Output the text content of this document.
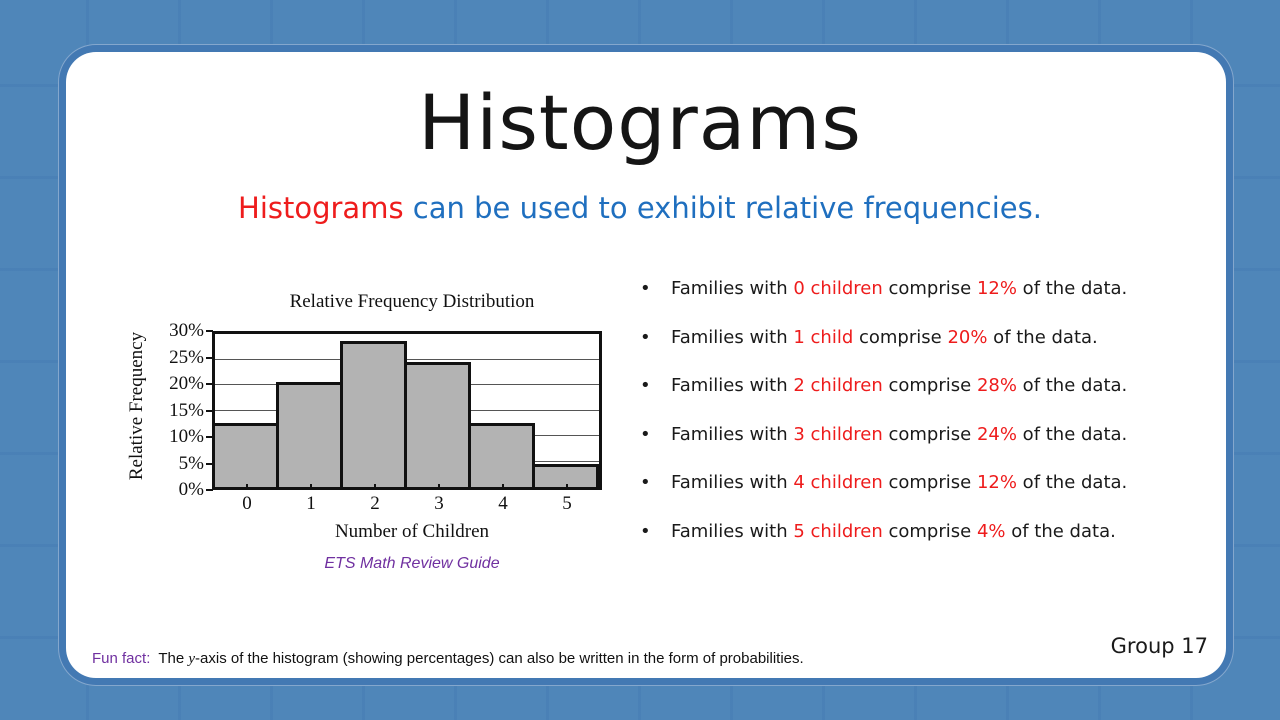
Histograms
Histograms can be used to exhibit relative frequencies.
Relative Frequency Distribution
Relative Frequency
0%
5%
10%
15%
20%
25%
30%
0	1	2	3	4	5
Number of Children
ETS Math Review Guide
• Families with 0 children comprise 12% of the data.
• Families with 1 child comprise 20% of the data.
• Families with 2 children comprise 28% of the data.
• Families with 3 children comprise 24% of the data.
• Families with 4 children comprise 12% of the data.
• Families with 5 children comprise 4% of the data.
Fun fact: The y-axis of the histogram (showing percentages) can also be written in the form of probabilities.
Group 17
